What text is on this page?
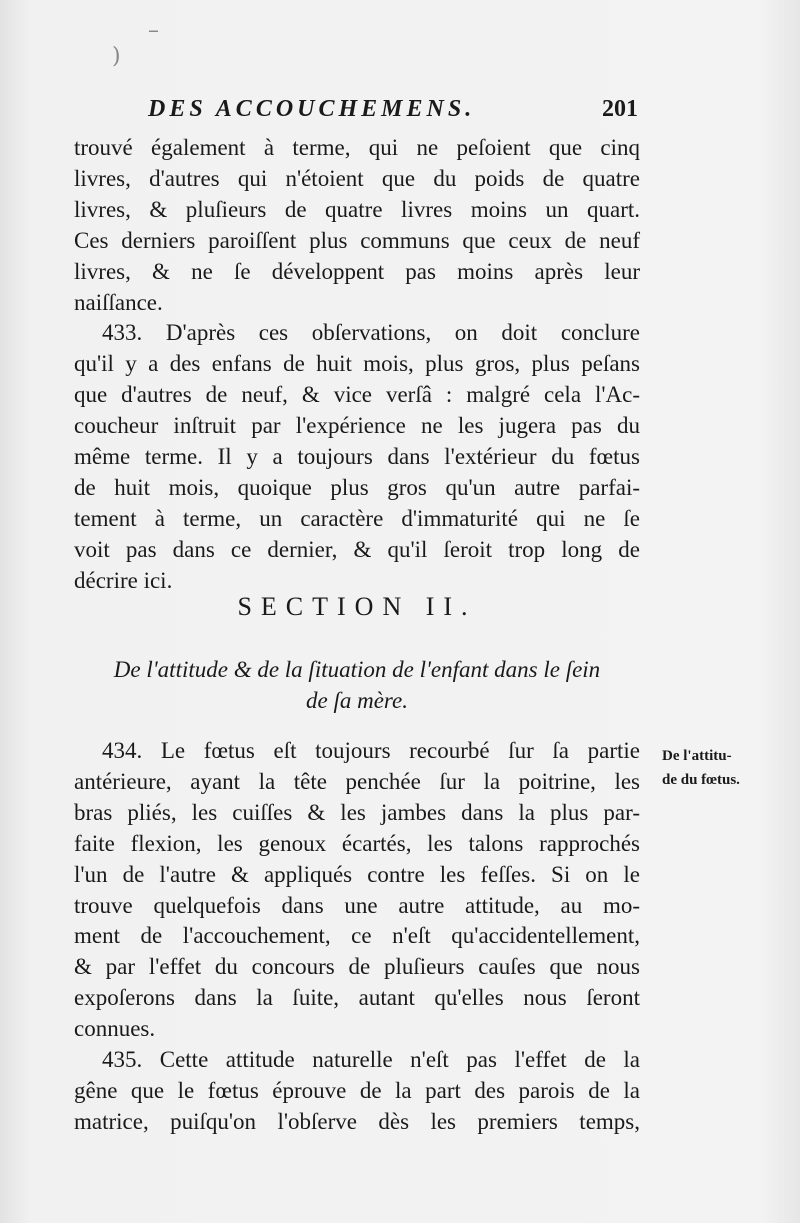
)
–
DES ACCOUCHEMENS.	201

trouvé également à terme, qui ne peſoient que cinq

livres, d'autres qui n'étoient que du poids de quatre

livres, & pluſieurs de quatre livres moins un quart.

Ces derniers paroiſſent plus communs que ceux de neuf

livres, & ne ſe développent pas moins après leur

naiſſance.

433. D'après ces obſervations, on doit conclure

qu'il y a des enfans de huit mois, plus gros, plus peſans

que d'autres de neuf, & vice verſâ : malgré cela l'Ac-

coucheur inſtruit par l'expérience ne les jugera pas du

même terme. Il y a toujours dans l'extérieur du fœtus

de huit mois, quoique plus gros qu'un autre parfai-

tement à terme, un caractère d'immaturité qui ne ſe

voit pas dans ce dernier, & qu'il ſeroit trop long de

décrire ici.

SECTION II.
De l'attitude & de la ſituation de l'enfant dans le ſein
de ſa mère.

434. Le fœtus eſt toujours recourbé ſur ſa partie

antérieure, ayant la tête penchée ſur la poitrine, les

bras pliés, les cuiſſes & les jambes dans la plus par-

faite flexion, les genoux écartés, les talons rapprochés

l'un de l'autre & appliqués contre les feſſes. Si on le

trouve quelquefois dans une autre attitude, au mo-

ment de l'accouchement, ce n'eſt qu'accidentellement,

& par l'effet du concours de pluſieurs cauſes que nous

expoſerons dans la ſuite, autant qu'elles nous ſeront

connues.

435. Cette attitude naturelle n'eſt pas l'effet de la

gêne que le fœtus éprouve de la part des parois de la

matrice, puiſqu'on l'obſerve dès les premiers temps,

De l'attitu-
de du fœtus.
